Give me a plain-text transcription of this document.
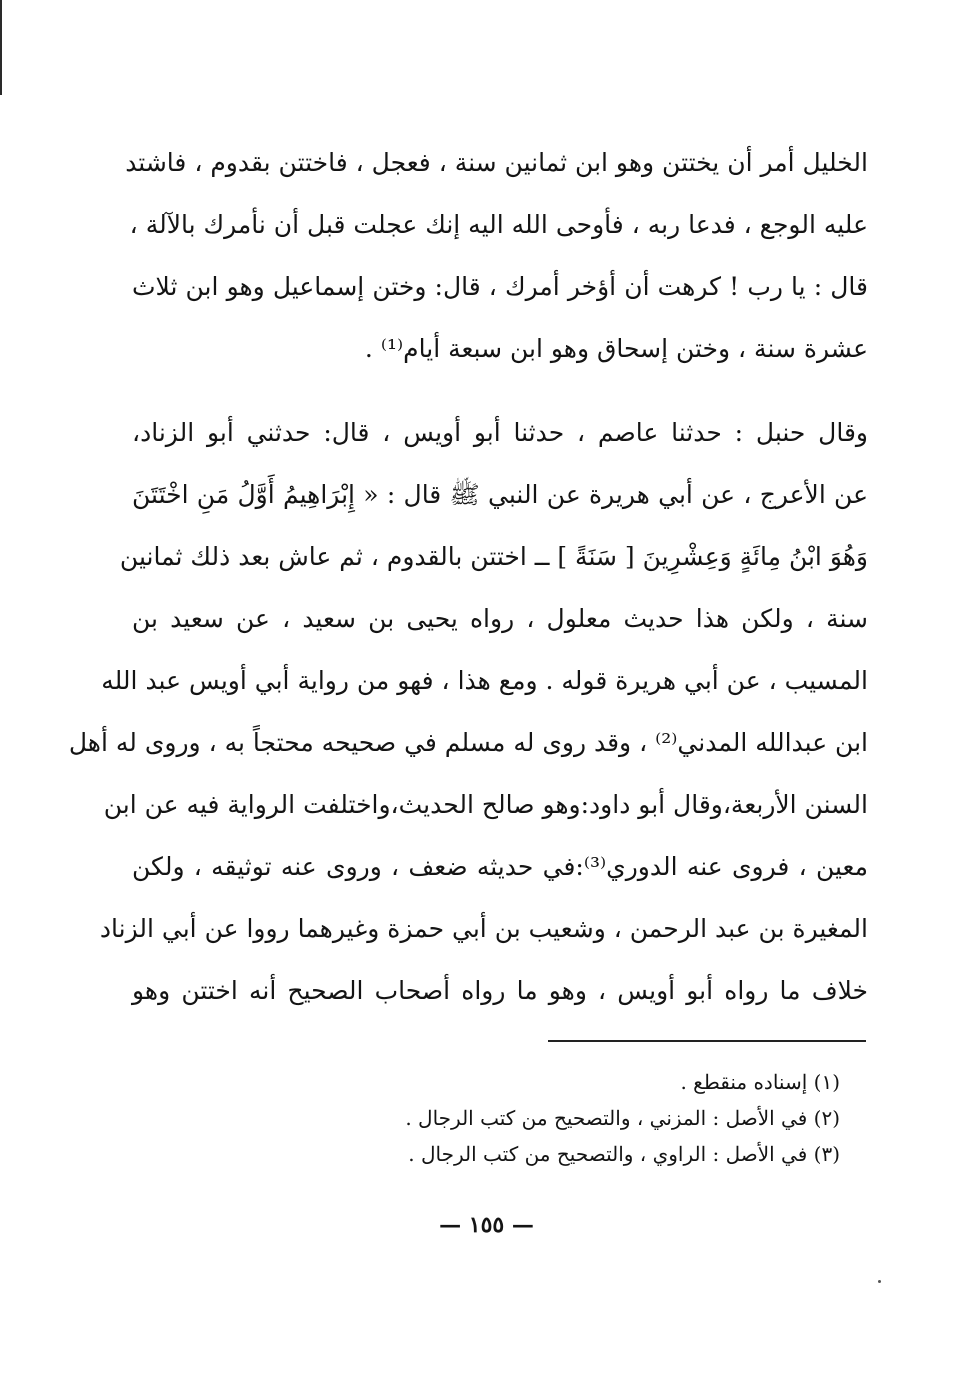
الخليل أمر أن يختتن وهو ابن ثمانين سنة ، فعجل ، فاختتن بقدوم ، فاشتد
عليه الوجع ، فدعا ربه ، فأوحى الله اليه إنك عجلت قبل أن نأمرك بالآلة ،
قال : يا رب ! كرهت أن أؤخر أمرك ، قال: وختن إسماعيل وهو ابن ثلاث
عشرة سنة ، وختن إسحاق وهو ابن سبعة أيام⁽¹⁾ .
وقال حنبل : حدثنا عاصم ، حدثنا أبو أويس ، قال: حدثني أبو الزناد،
عن الأعرج ، عن أبي هريرة عن النبي ﷺ قال : « إِبْرَاهِيمُ أَوَّلُ مَنِ اخْتَتَنَ
وَهُوَ ابْنُ مِائَةٍ وَعِشْرِينَ [ سَنَةً ] ــ اختتن بالقدوم ، ثم عاش بعد ذلك ثمانين
سنة ، ولكن هذا حديث معلول ، رواه يحيى بن سعيد ، عن سعيد بن
المسيب ، عن أبي هريرة قوله . ومع هذا ، فهو من رواية أبي أويس عبد الله
ابن عبدالله المدني⁽²⁾ ، وقد روى له مسلم في صحيحه محتجاً به ، وروى له أهل
السنن الأربعة،وقال أبو داود:وهو صالح الحديث،واختلفت الرواية فيه عن ابن
معين ، فروى عنه الدوري⁽³⁾:في حديثه ضعف ، وروى عنه توثيقه ، ولكن
المغيرة بن عبد الرحمن ، وشعيب بن أبي حمزة وغيرهما رووا عن أبي الزناد
خلاف ما رواه أبو أويس ، وهو ما رواه أصحاب الصحيح أنه اختتن وهو
(١) إسناده منقطع .
(٢) في الأصل : المزني ، والتصحيح من كتب الرجال .
(٣) في الأصل : الراوي ، والتصحيح من كتب الرجال .
— ١٥٥ —
